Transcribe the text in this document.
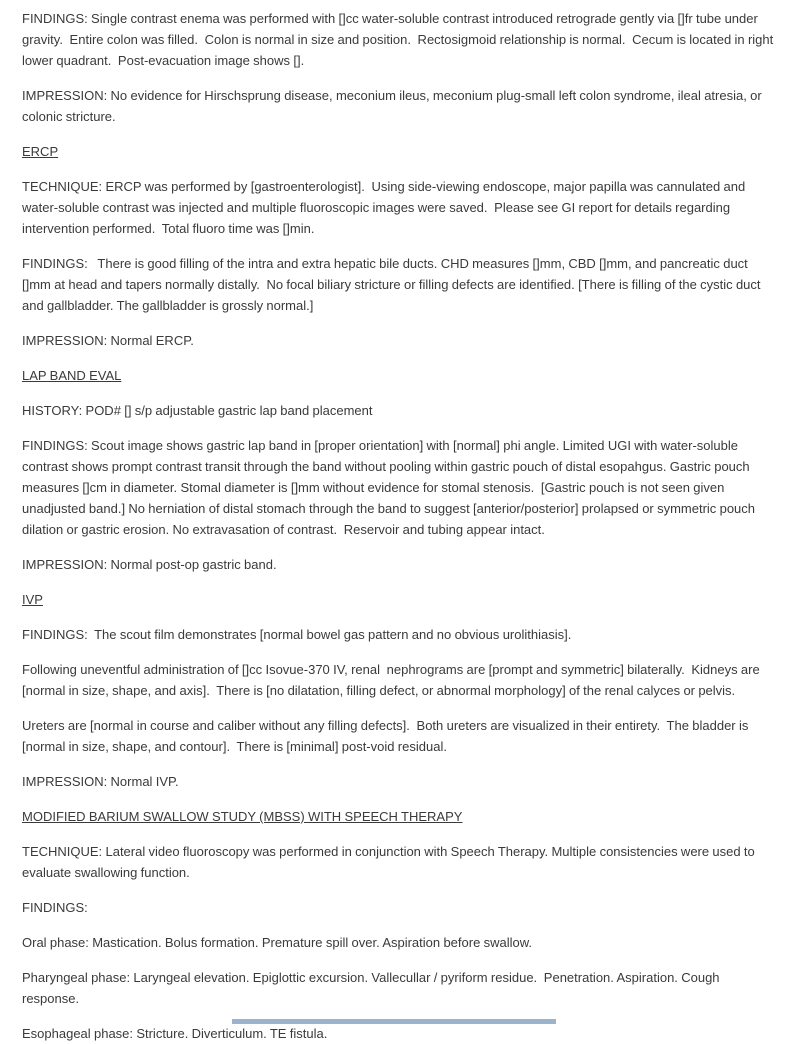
FINDINGS: Single contrast enema was performed with []cc water-soluble contrast introduced retrograde gently via []fr tube under gravity.  Entire colon was filled.  Colon is normal in size and position.  Rectosigmoid relationship is normal.  Cecum is located in right lower quadrant.  Post-evacuation image shows [].

IMPRESSION: No evidence for Hirschsprung disease, meconium ileus, meconium plug-small left colon syndrome, ileal atresia, or colonic stricture.

ERCP

TECHNIQUE: ERCP was performed by [gastroenterologist].  Using side-viewing endoscope, major papilla was cannulated and water-soluble contrast was injected and multiple fluoroscopic images were saved.  Please see GI report for details regarding intervention performed.  Total fluoro time was []min.

FINDINGS:   There is good filling of the intra and extra hepatic bile ducts. CHD measures []mm, CBD []mm, and pancreatic duct []mm at head and tapers normally distally.  No focal biliary stricture or filling defects are identified. [There is filling of the cystic duct and gallbladder. The gallbladder is grossly normal.]

IMPRESSION: Normal ERCP.

LAP BAND EVAL

HISTORY: POD# [] s/p adjustable gastric lap band placement

FINDINGS: Scout image shows gastric lap band in [proper orientation] with [normal] phi angle. Limited UGI with water-soluble contrast shows prompt contrast transit through the band without pooling within gastric pouch of distal esopahgus. Gastric pouch measures []cm in diameter. Stomal diameter is []mm without evidence for stomal stenosis.  [Gastric pouch is not seen given unadjusted band.] No herniation of distal stomach through the band to suggest [anterior/posterior] prolapsed or symmetric pouch dilation or gastric erosion. No extravasation of contrast.  Reservoir and tubing appear intact.

IMPRESSION: Normal post-op gastric band.

IVP

FINDINGS:  The scout film demonstrates [normal bowel gas pattern and no obvious urolithiasis].

Following uneventful administration of []cc Isovue-370 IV, renal  nephrograms are [prompt and symmetric] bilaterally.  Kidneys are [normal in size, shape, and axis].  There is [no dilatation, filling defect, or abnormal morphology] of the renal calyces or pelvis.

Ureters are [normal in course and caliber without any filling defects].  Both ureters are visualized in their entirety.  The bladder is [normal in size, shape, and contour].  There is [minimal] post-void residual.

IMPRESSION: Normal IVP.

MODIFIED BARIUM SWALLOW STUDY (MBSS) WITH SPEECH THERAPY

TECHNIQUE: Lateral video fluoroscopy was performed in conjunction with Speech Therapy. Multiple consistencies were used to evaluate swallowing function.

FINDINGS:

Oral phase: Mastication. Bolus formation. Premature spill over. Aspiration before swallow.

Pharyngeal phase: Laryngeal elevation. Epiglottic excursion. Vallecullar / pyriform residue.  Penetration. Aspiration. Cough response.

Esophageal phase: Stricture. Diverticulum. TE fistula.
